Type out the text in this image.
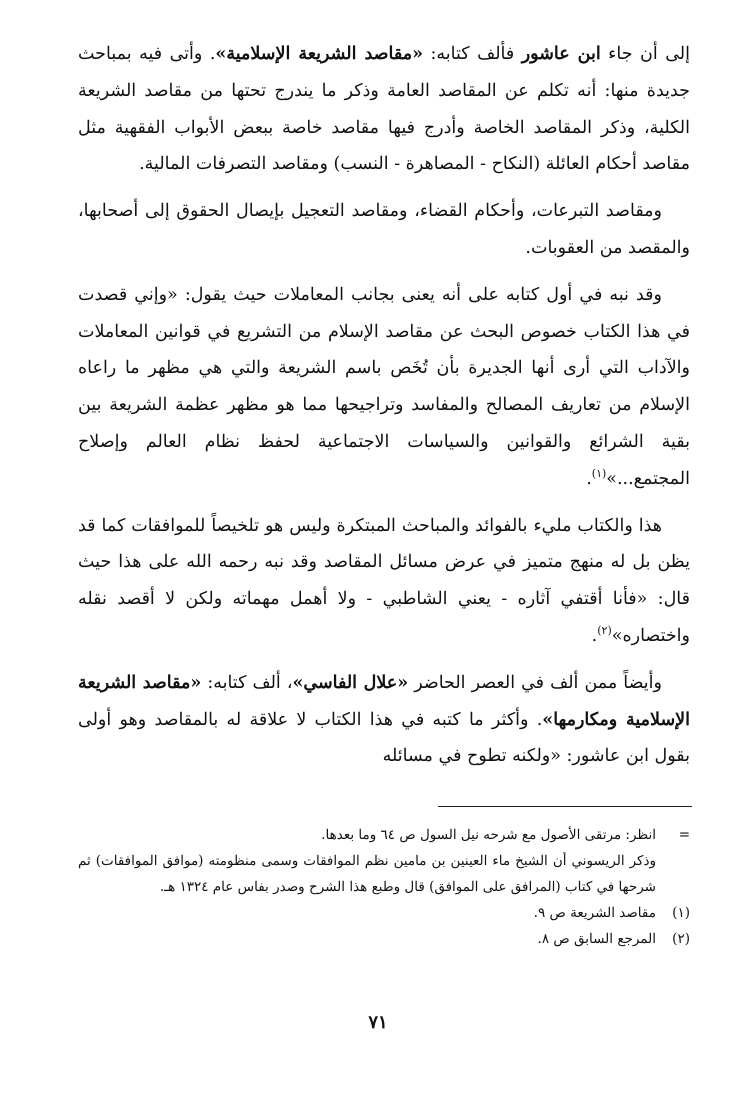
إلى أن جاء ابن عاشور فألف كتابه: «مقاصد الشريعة الإسلامية». وأتى فيه بمباحث جديدة منها: أنه تكلم عن المقاصد العامة وذكر ما يندرج تحتها من مقاصد الشريعة الكلية، وذكر المقاصد الخاصة وأدرج فيها مقاصد خاصة ببعض الأبواب الفقهية مثل مقاصد أحكام العائلة (النكاح - المصاهرة - النسب) ومقاصد التصرفات المالية.

ومقاصد التبرعات، وأحكام القضاء، ومقاصد التعجيل بإيصال الحقوق إلى أصحابها، والمقصد من العقوبات.

وقد نبه في أول كتابه على أنه يعنى بجانب المعاملات حيث يقول: «وإني قصدت في هذا الكتاب خصوص البحث عن مقاصد الإسلام من التشريع في قوانين المعاملات والآداب التي أرى أنها الجديرة بأن تُخَص باسم الشريعة والتي هي مظهر ما راعاه الإسلام من تعاريف المصالح والمفاسد وتراجيحها مما هو مظهر عظمة الشريعة بين بقية الشرائع والقوانين والسياسات الاجتماعية لحفظ نظام العالم وإصلاح المجتمع...»$^{(١)}$.

هذا والكتاب مليء بالفوائد والمباحث المبتكرة وليس هو تلخيصاً للموافقات كما قد يظن بل له منهج متميز في عرض مسائل المقاصد وقد نبه رحمه الله على هذا حيث قال: «فأنا أقتفي آثاره - يعني الشاطبي - ولا أهمل مهماته ولكن لا أقصد نقله واختصاره»$^{(٢)}$.

وأيضاً ممن ألف في العصر الحاضر «علال الفاسي»، ألف كتابه: «مقاصد الشريعة الإسلامية ومكارمها». وأكثر ما كتبه في هذا الكتاب لا علاقة له بالمقاصد وهو أولى بقول ابن عاشور: «ولكنه تطوح في مسائله

=
انظر: مرتقى الأصول مع شرحه نيل السول ص ٦٤ وما بعدها.
وذكر الريسوني أن الشيخ ماء العينين بن مامين نظم الموافقات وسمى منظومته (موافق الموافقات) ثم شرحها في كتاب (المرافق على الموافق) قال وطبع هذا الشرح وصدر بفاس عام ١٣٢٤ هـ.
(١)
مقاصد الشريعة ص ٩.
(٢)
المرجع السابق ص ٨.
٧١
